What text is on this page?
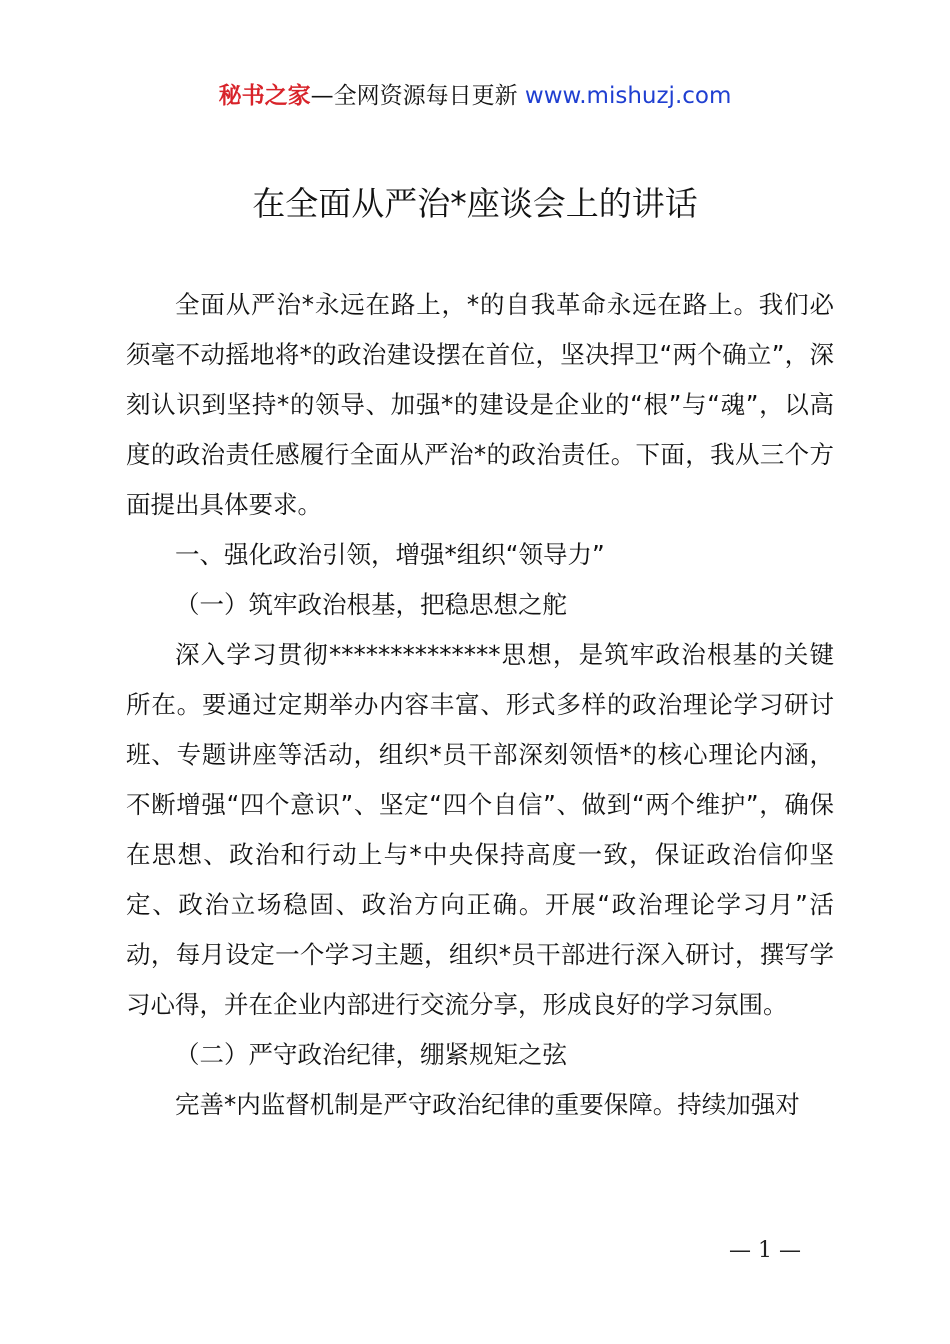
秘书之家—全网资源每日更新 www.mishuzj.com
在全面从严治*座谈会上的讲话

全面从严治*永远在路上，*的自我革命永远在路上。我们必须毫不动摇地将*的政治建设摆在首位，坚决捍卫“两个确立”，深刻认识到坚持*的领导、加强*的建设是企业的“根”与“魂”，以高度的政治责任感履行全面从严治*的政治责任。下面，我从三个方面提出具体要求。

一、强化政治引领，增强*组织“领导力”

（一）筑牢政治根基，把稳思想之舵

深入学习贯彻**************思想，是筑牢政治根基的关键所在。要通过定期举办内容丰富、形式多样的政治理论学习研讨班、专题讲座等活动，组织*员干部深刻领悟*的核心理论内涵，不断增强“四个意识”、坚定“四个自信”、做到“两个维护”，确保在思想、政治和行动上与*中央保持高度一致，保证政治信仰坚定、政治立场稳固、政治方向正确。开展“政治理论学习月”活动，每月设定一个学习主题，组织*员干部进行深入研讨，撰写学习心得，并在企业内部进行交流分享，形成良好的学习氛围。

（二）严守政治纪律，绷紧规矩之弦

完善*内监督机制是严守政治纪律的重要保障。持续加强对

— 1 —
